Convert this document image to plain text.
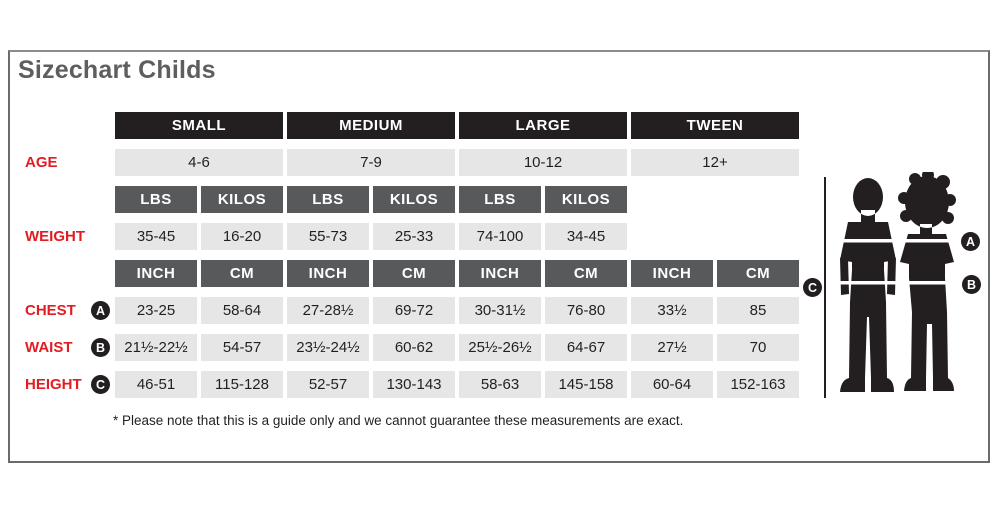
Sizechart Childs
SMALL	MEDIUM	LARGE	TWEEN
AGE	4-6	7-9	10-12	12+
LBS	KILOS	LBS	KILOS	LBS	KILOS
WEIGHT	35-45	16-20	55-73	25-33	74-100	34-45
INCH	CM	INCH	CM	INCH	CM	INCH	CM
CHEST	A	23-25	58-64	27-28½	69-72	30-31½	76-80	33½	85
WAIST	B	21½-22½	54-57	23½-24½	60-62	25½-26½	64-67	27½	70
HEIGHT	C	46-51	115-128	52-57	130-143	58-63	145-158	60-64	152-163
A
B
C
* Please note that this is a guide only and we cannot guarantee these measurements are exact.
